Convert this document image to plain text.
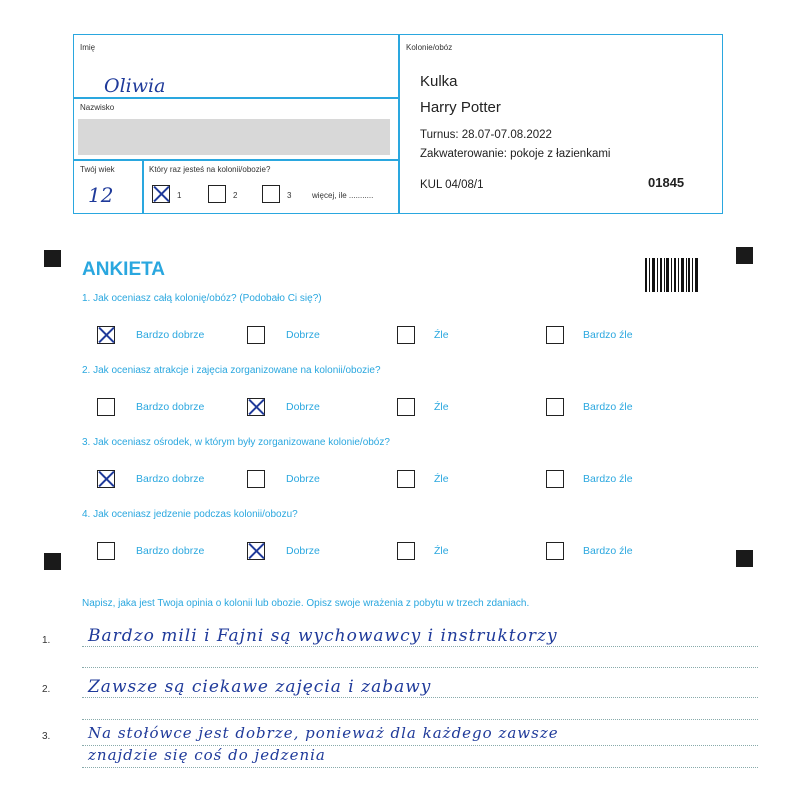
Imię
Oliwia
Nazwisko
Twój wiek
12
Który raz jesteś na kolonii/obozie?
1	2	3	więcej, ile ...........
Kolonie/obóz
Kulka
Harry Potter
Turnus: 28.07-07.08.2022
Zakwaterowanie: pokoje z łazienkami
KUL 04/08/1	01845
ANKIETA
1. Jak oceniasz całą kolonię/obóz? (Podobało Ci się?)
Bardzo dobrze	Dobrze	Źle	Bardzo źle
2. Jak oceniasz atrakcje i zajęcia zorganizowane na kolonii/obozie?
Bardzo dobrze	Dobrze	Źle	Bardzo źle
3. Jak oceniasz ośrodek, w którym były zorganizowane kolonie/obóz?
Bardzo dobrze	Dobrze	Źle	Bardzo źle
4. Jak oceniasz jedzenie podczas kolonii/obozu?
Bardzo dobrze	Dobrze	Źle	Bardzo źle
Napisz, jaka jest Twoja opinia o kolonii lub obozie. Opisz swoje wrażenia z pobytu w trzech zdaniach.
1.
2.
3.
Bardzo mili i Fajni są wychowawcy i instruktorzy
Zawsze są ciekawe zajęcia i zabawy
Na stołówce jest dobrze, ponieważ dla każdego zawsze
znajdzie się coś do jedzenia
